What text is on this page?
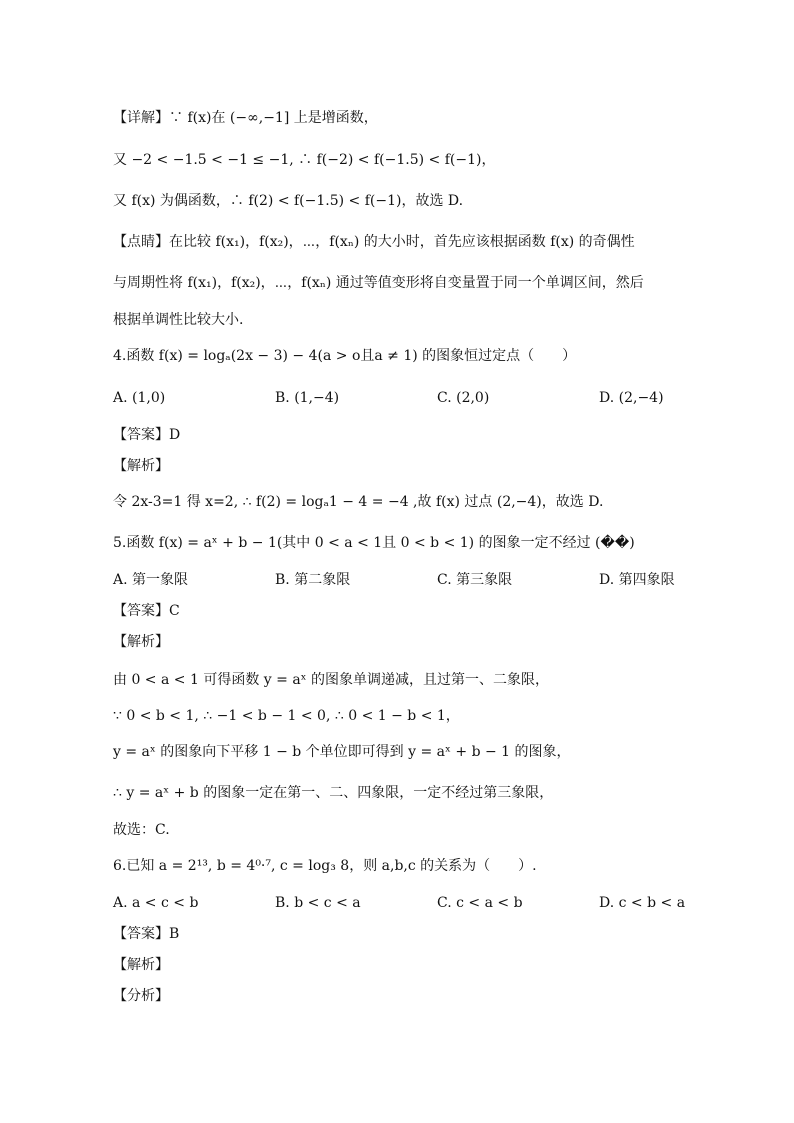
【详解】∵ f(x)在 (−∞,−1] 上是增函数，
又 −2 < −1.5 < −1 ≤ −1, ∴ f(−2) < f(−1.5) < f(−1)，
又 f(x) 为偶函数，∴ f(2) < f(−1.5) < f(−1)，故选 D.
【点睛】在比较 f(x₁)，f(x₂)，⋯，f(xₙ) 的大小时，首先应该根据函数 f(x) 的奇偶性
与周期性将 f(x₁)，f(x₂)，⋯，f(xₙ) 通过等值变形将自变量置于同一个单调区间，然后
根据单调性比较大小.
4.函数 f(x) = logₐ(2x − 3) − 4(a > o且a ≠ 1) 的图象恒过定点（　　）
A. (1,0)	B. (1,−4)	C. (2,0)	D. (2,−4)
【答案】D
【解析】
令 2x-3=1 得 x=2, ∴ f(2) = logₐ1 − 4 = −4 ,故 f(x) 过点 (2,−4)，故选 D.
5.函数 f(x) = aˣ + b − 1(其中 0 < a < 1且 0 < b < 1) 的图象一定不经过 (��)
A. 第一象限	B. 第二象限	C. 第三象限	D. 第四象限
【答案】C
【解析】
由 0 < a < 1 可得函数 y = aˣ 的图象单调递减，且过第一、二象限，
∵ 0 < b < 1, ∴ −1 < b − 1 < 0, ∴ 0 < 1 − b < 1，
y = aˣ 的图象向下平移 1 − b 个单位即可得到 y = aˣ + b − 1 的图象，
∴ y = aˣ + b 的图象一定在第一、二、四象限，一定不经过第三象限，
故选：C.
6.已知 a = 2¹³, b = 4⁰·⁷, c = log₃ 8，则 a,b,c 的关系为（　　）.
A. a < c < b	B. b < c < a	C. c < a < b	D. c < b < a
【答案】B
【解析】
【分析】
